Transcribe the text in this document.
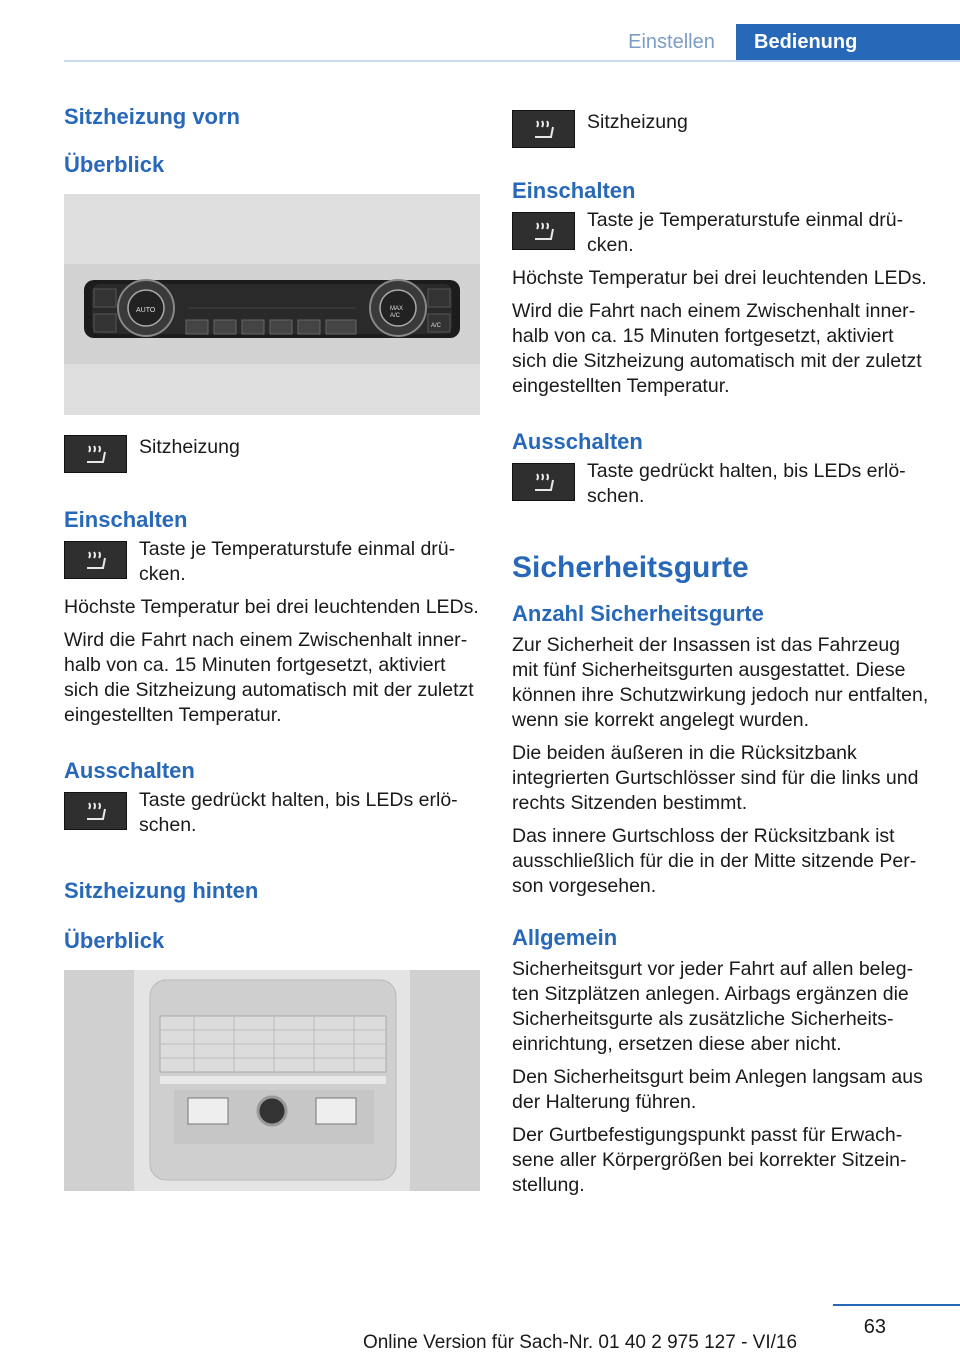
Einstellen	Bedienung
Sitzheizung vorn
Überblick
AUTO	MAX
A/C
A/C

Sitzheizung

Einschalten

Taste je Temperaturstufe einmal drücken.

Höchste Temperatur bei drei leuchtenden LEDs.

Wird die Fahrt nach einem Zwischenhalt innerhalb von ca. 15 Minuten fortgesetzt, aktiviert sich die Sitzheizung automatisch mit der zuletzt eingestellten Temperatur.

Ausschalten

Taste gedrückt halten, bis LEDs erlöschen.

Sitzheizung hinten
Überblick

Sitzheizung

Einschalten

Taste je Temperaturstufe einmal drücken.

Höchste Temperatur bei drei leuchtenden LEDs.

Wird die Fahrt nach einem Zwischenhalt innerhalb von ca. 15 Minuten fortgesetzt, aktiviert sich die Sitzheizung automatisch mit der zuletzt eingestellten Temperatur.

Ausschalten

Taste gedrückt halten, bis LEDs erlöschen.

Sicherheitsgurte
Anzahl Sicherheitsgurte

Zur Sicherheit der Insassen ist das Fahrzeug mit fünf Sicherheitsgurten ausgestattet. Diese können ihre Schutzwirkung jedoch nur entfalten, wenn sie korrekt angelegt wurden.

Die beiden äußeren in die Rücksitzbank integrierten Gurtschlösser sind für die links und rechts Sitzenden bestimmt.

Das innere Gurtschloss der Rücksitzbank ist ausschließlich für die in der Mitte sitzende Person vorgesehen.

Allgemein

Sicherheitsgurt vor jeder Fahrt auf allen belegten Sitzplätzen anlegen. Airbags ergänzen die Sicherheitsgurte als zusätzliche Sicherheitseinrichtung, ersetzen diese aber nicht.

Den Sicherheitsgurt beim Anlegen langsam aus der Halterung führen.

Der Gurtbefestigungspunkt passt für Erwachsene aller Körpergrößen bei korrekter Sitzeinstellung.

63
Online Version für Sach-Nr. 01 40 2 975 127 - VI/16
